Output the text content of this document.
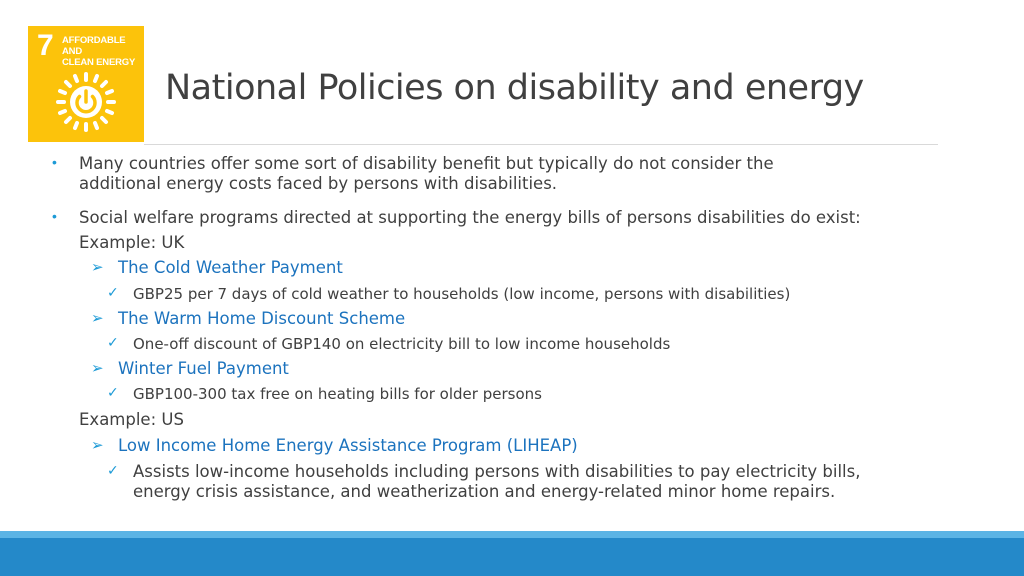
7 AFFORDABLE AND
CLEAN ENERGY
National Policies on disability and energy
• Many countries offer some sort of disability benefit but typically do not consider the
additional energy costs faced by persons with disabilities.
• Social welfare programs directed at supporting the energy bills of persons disabilities do exist:
Example: UK
➢ The Cold Weather Payment
✓ GBP25 per 7 days of cold weather to households (low income, persons with disabilities)
➢ The Warm Home Discount Scheme
✓ One-off discount of GBP140 on electricity bill to low income households
➢ Winter Fuel Payment
✓ GBP100-300 tax free on heating bills for older persons
Example: US
➢ Low Income Home Energy Assistance Program (LIHEAP)
✓ Assists low-income households including persons with disabilities to pay electricity bills,
energy crisis assistance, and weatherization and energy-related minor home repairs.
